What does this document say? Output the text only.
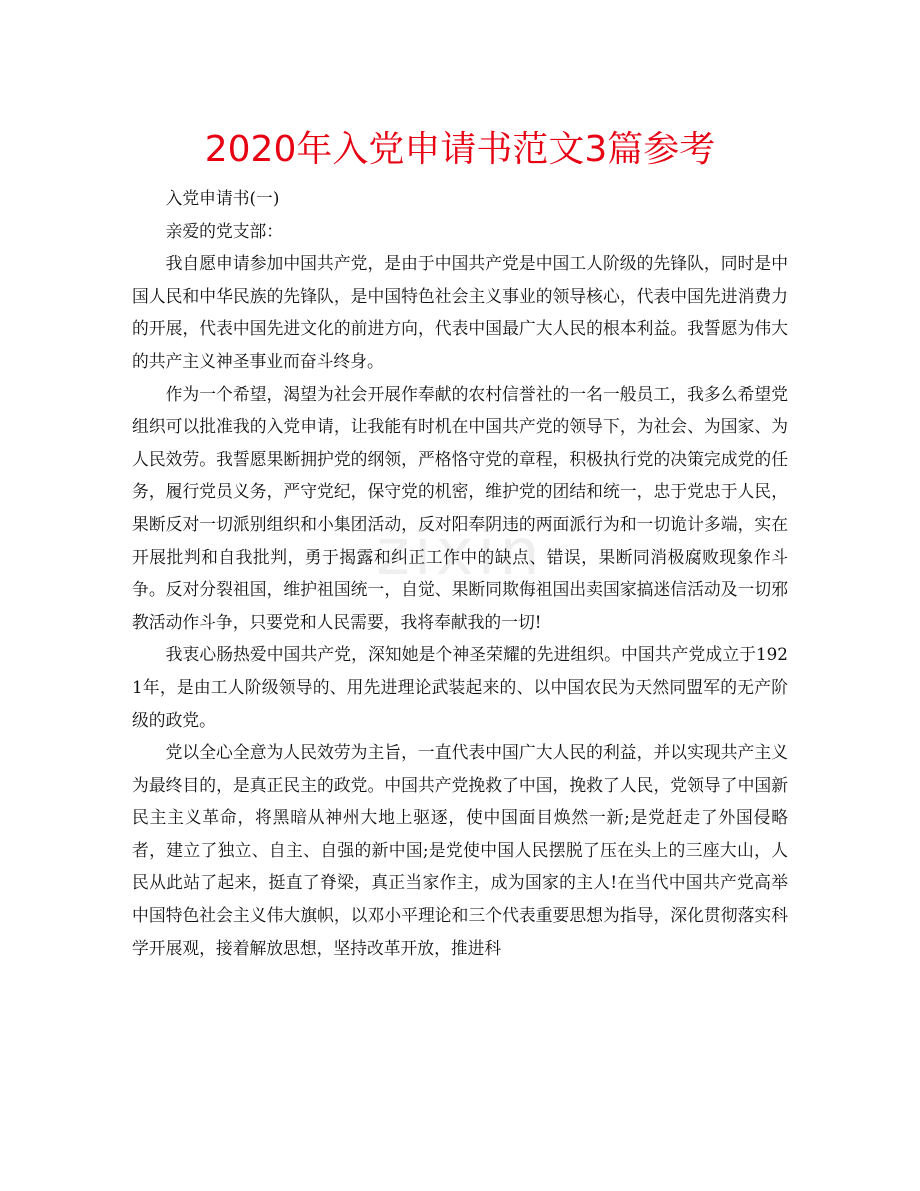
2020年入党申请书范文3篇参考
zixin

入党申请书(一)

亲爱的党支部：

我自愿申请参加中国共产党，是由于中国共产党是中国工人阶级的先锋队，同时是中国人民和中华民族的先锋队，是中国特色社会主义事业的领导核心，代表中国先进消费力的开展，代表中国先进文化的前进方向，代表中国最广大人民的根本利益。我誓愿为伟大的共产主义神圣事业而奋斗终身。

作为一个希望，渴望为社会开展作奉献的农村信誉社的一名一般员工，我多么希望党组织可以批准我的入党申请，让我能有时机在中国共产党的领导下，为社会、为国家、为人民效劳。我誓愿果断拥护党的纲领，严格恪守党的章程，积极执行党的决策完成党的任务，履行党员义务，严守党纪，保守党的机密，维护党的团结和统一，忠于党忠于人民，果断反对一切派别组织和小集团活动，反对阳奉阴违的两面派行为和一切诡计多端，实在开展批判和自我批判，勇于揭露和纠正工作中的缺点、错误，果断同消极腐败现象作斗争。反对分裂祖国，维护祖国统一，自觉、果断同欺侮祖国出卖国家搞迷信活动及一切邪教活动作斗争，只要党和人民需要，我将奉献我的一切!

我衷心肠热爱中国共产党，深知她是个神圣荣耀的先进组织。中国共产党成立于1921年，是由工人阶级领导的、用先进理论武装起来的、以中国农民为天然同盟军的无产阶级的政党。

党以全心全意为人民效劳为主旨，一直代表中国广大人民的利益，并以实现共产主义为最终目的，是真正民主的政党。中国共产党挽救了中国，挽救了人民，党领导了中国新民主主义革命，将黑暗从神州大地上驱逐，使中国面目焕然一新;是党赶走了外国侵略者，建立了独立、自主、自强的新中国;是党使中国人民摆脱了压在头上的三座大山，人民从此站了起来，挺直了脊梁，真正当家作主，成为国家的主人!在当代中国共产党高举中国特色社会主义伟大旗帜，以邓小平理论和三个代表重要思想为指导，深化贯彻落实科学开展观，接着解放思想，坚持改革开放，推进科
